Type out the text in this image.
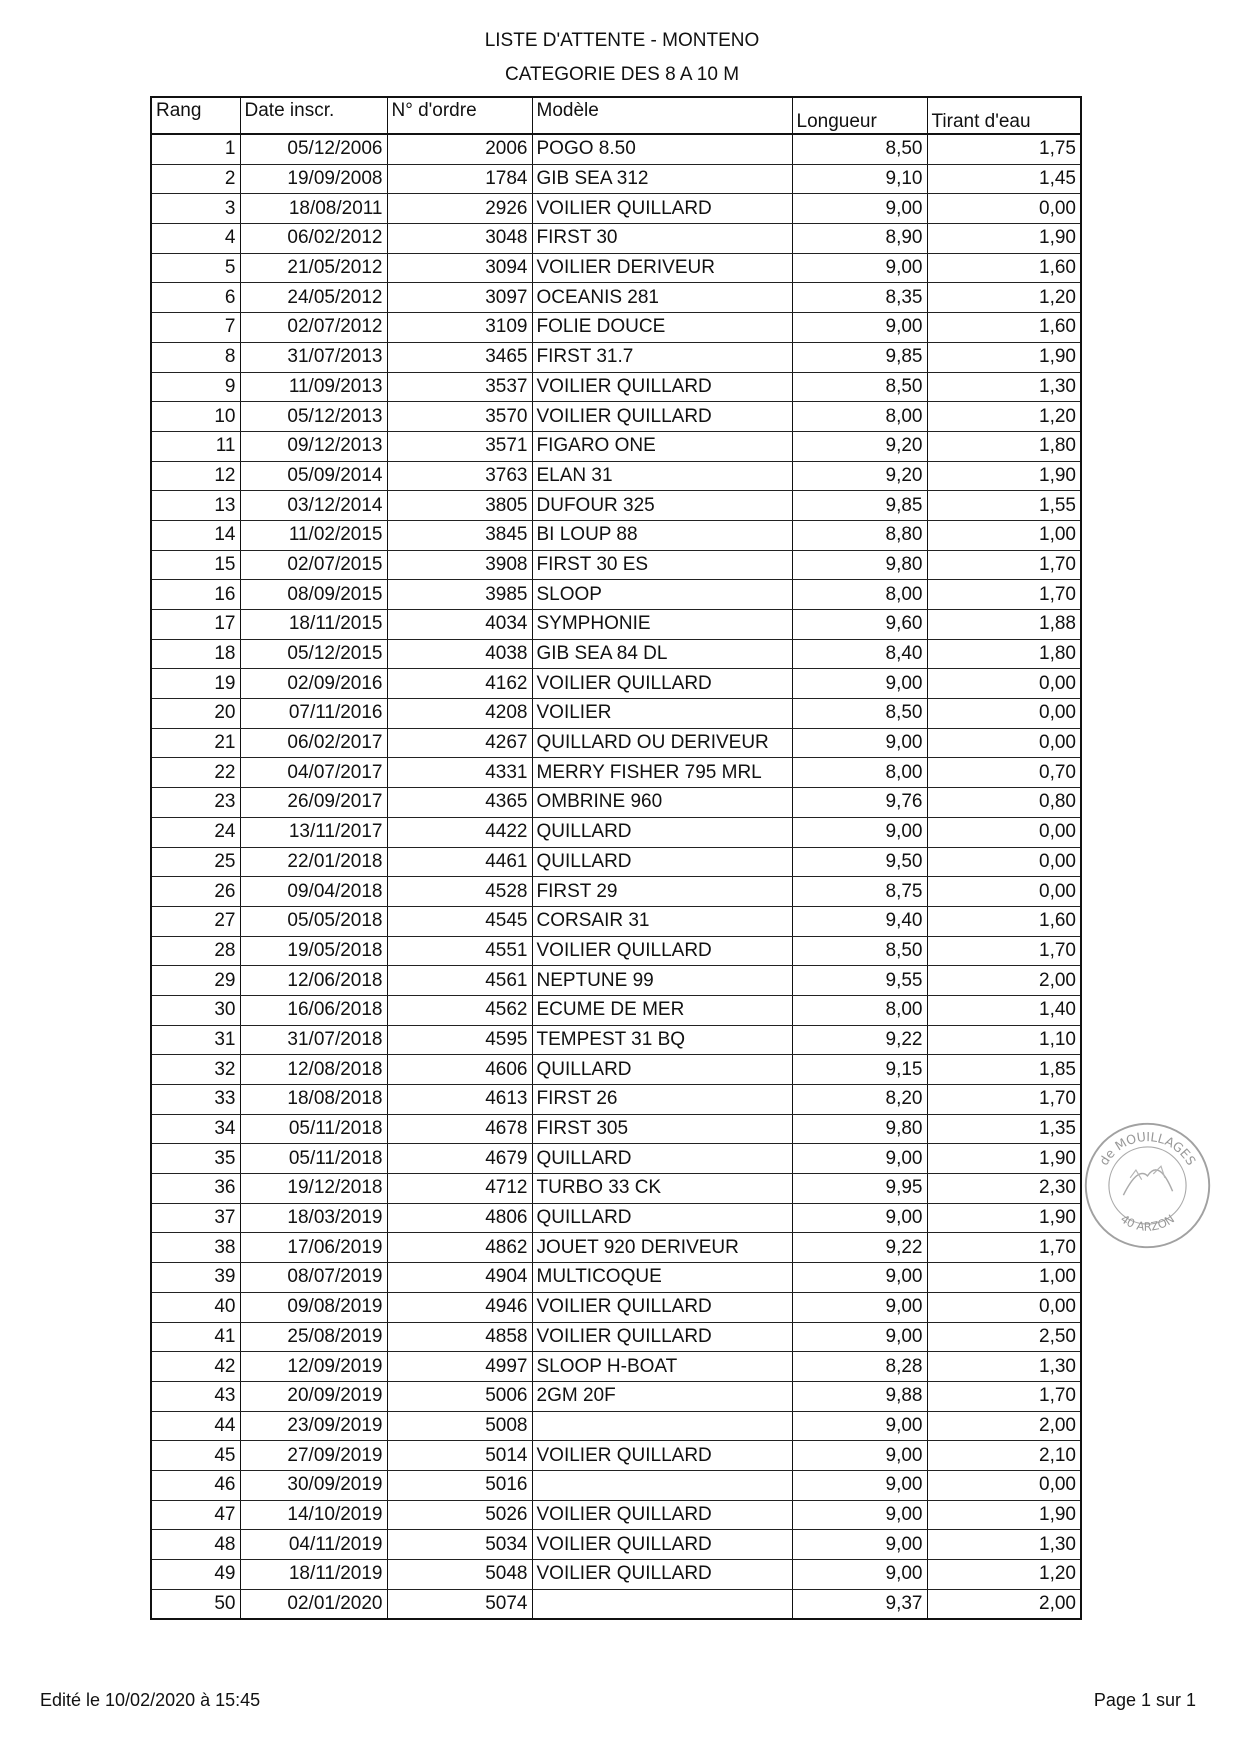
LISTE D'ATTENTE - MONTENO
CATEGORIE DES 8 A 10 M
Rang	Date inscr.	N° d'ordre	Modèle	Longueur	Tirant d'eau
1	05/12/2006	2006	POGO 8.50	8,50	1,75
2	19/09/2008	1784	GIB SEA 312	9,10	1,45
3	18/08/2011	2926	VOILIER QUILLARD	9,00	0,00
4	06/02/2012	3048	FIRST 30	8,90	1,90
5	21/05/2012	3094	VOILIER DERIVEUR	9,00	1,60
6	24/05/2012	3097	OCEANIS 281	8,35	1,20
7	02/07/2012	3109	FOLIE DOUCE	9,00	1,60
8	31/07/2013	3465	FIRST 31.7	9,85	1,90
9	11/09/2013	3537	VOILIER QUILLARD	8,50	1,30
10	05/12/2013	3570	VOILIER QUILLARD	8,00	1,20
11	09/12/2013	3571	FIGARO ONE	9,20	1,80
12	05/09/2014	3763	ELAN 31	9,20	1,90
13	03/12/2014	3805	DUFOUR 325	9,85	1,55
14	11/02/2015	3845	BI LOUP 88	8,80	1,00
15	02/07/2015	3908	FIRST 30 ES	9,80	1,70
16	08/09/2015	3985	SLOOP	8,00	1,70
17	18/11/2015	4034	SYMPHONIE	9,60	1,88
18	05/12/2015	4038	GIB SEA 84 DL	8,40	1,80
19	02/09/2016	4162	VOILIER QUILLARD	9,00	0,00
20	07/11/2016	4208	VOILIER	8,50	0,00
21	06/02/2017	4267	QUILLARD OU DERIVEUR	9,00	0,00
22	04/07/2017	4331	MERRY FISHER 795 MRL	8,00	0,70
23	26/09/2017	4365	OMBRINE 960	9,76	0,80
24	13/11/2017	4422	QUILLARD	9,00	0,00
25	22/01/2018	4461	QUILLARD	9,50	0,00
26	09/04/2018	4528	FIRST 29	8,75	0,00
27	05/05/2018	4545	CORSAIR 31	9,40	1,60
28	19/05/2018	4551	VOILIER QUILLARD	8,50	1,70
29	12/06/2018	4561	NEPTUNE 99	9,55	2,00
30	16/06/2018	4562	ECUME DE MER	8,00	1,40
31	31/07/2018	4595	TEMPEST 31 BQ	9,22	1,10
32	12/08/2018	4606	QUILLARD	9,15	1,85
33	18/08/2018	4613	FIRST 26	8,20	1,70
34	05/11/2018	4678	FIRST 305	9,80	1,35
35	05/11/2018	4679	QUILLARD	9,00	1,90
36	19/12/2018	4712	TURBO 33 CK	9,95	2,30
37	18/03/2019	4806	QUILLARD	9,00	1,90
38	17/06/2019	4862	JOUET 920 DERIVEUR	9,22	1,70
39	08/07/2019	4904	MULTICOQUE	9,00	1,00
40	09/08/2019	4946	VOILIER QUILLARD	9,00	0,00
41	25/08/2019	4858	VOILIER QUILLARD	9,00	2,50
42	12/09/2019	4997	SLOOP H-BOAT	8,28	1,30
43	20/09/2019	5006	2GM 20F	9,88	1,70
44	23/09/2019	5008		9,00	2,00
45	27/09/2019	5014	VOILIER QUILLARD	9,00	2,10
46	30/09/2019	5016		9,00	0,00
47	14/10/2019	5026	VOILIER QUILLARD	9,00	1,90
48	04/11/2019	5034	VOILIER QUILLARD	9,00	1,30
49	18/11/2019	5048	VOILIER QUILLARD	9,00	1,20
50	02/01/2020	5074		9,37	2,00
de MOUILLAGES
40 ARZON
Edité le 10/02/2020 à 15:45	Page 1 sur 1
